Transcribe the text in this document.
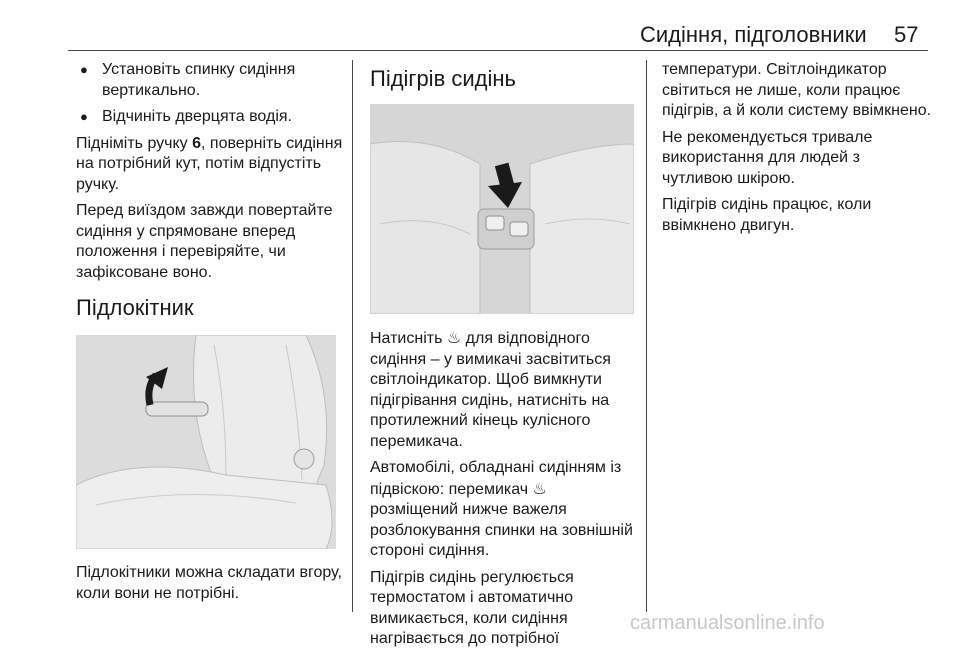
Сидіння, підголовники 57
● Установіть спинку сидіння вертикально.
● Відчиніть дверцята водія.

Підніміть ручку 6, поверніть сидіння на потрібний кут, потім відпустіть ручку.

Перед виїздом завжди повертайте сидіння у спрямоване вперед положення і перевіряйте, чи зафіксоване воно.

Підлокітник

Підлокітники можна складати вгору, коли вони не потрібні.

Підігрів сидінь

Натисніть ♨ для відповідного сидіння – у вимикачі засвітиться світлоіндикатор. Щоб вимкнути підігрівання сидінь, натисніть на протилежний кінець кулісного перемикача.

Автомобілі, обладнані сидінням із підвіскою: перемикач ♨ розміщений нижче важеля розблокування спинки на зовнішній стороні сидіння.

Підігрів сидінь регулюється термостатом і автоматично вимикається, коли сидіння нагрівається до потрібної

температури. Світлоіндикатор світиться не лише, коли працює підігрів, а й коли систему ввімкнено.

Не рекомендується тривале використання для людей з чутливою шкірою.

Підігрів сидінь працює, коли ввімкнено двигун.

carmanualsonline.info
